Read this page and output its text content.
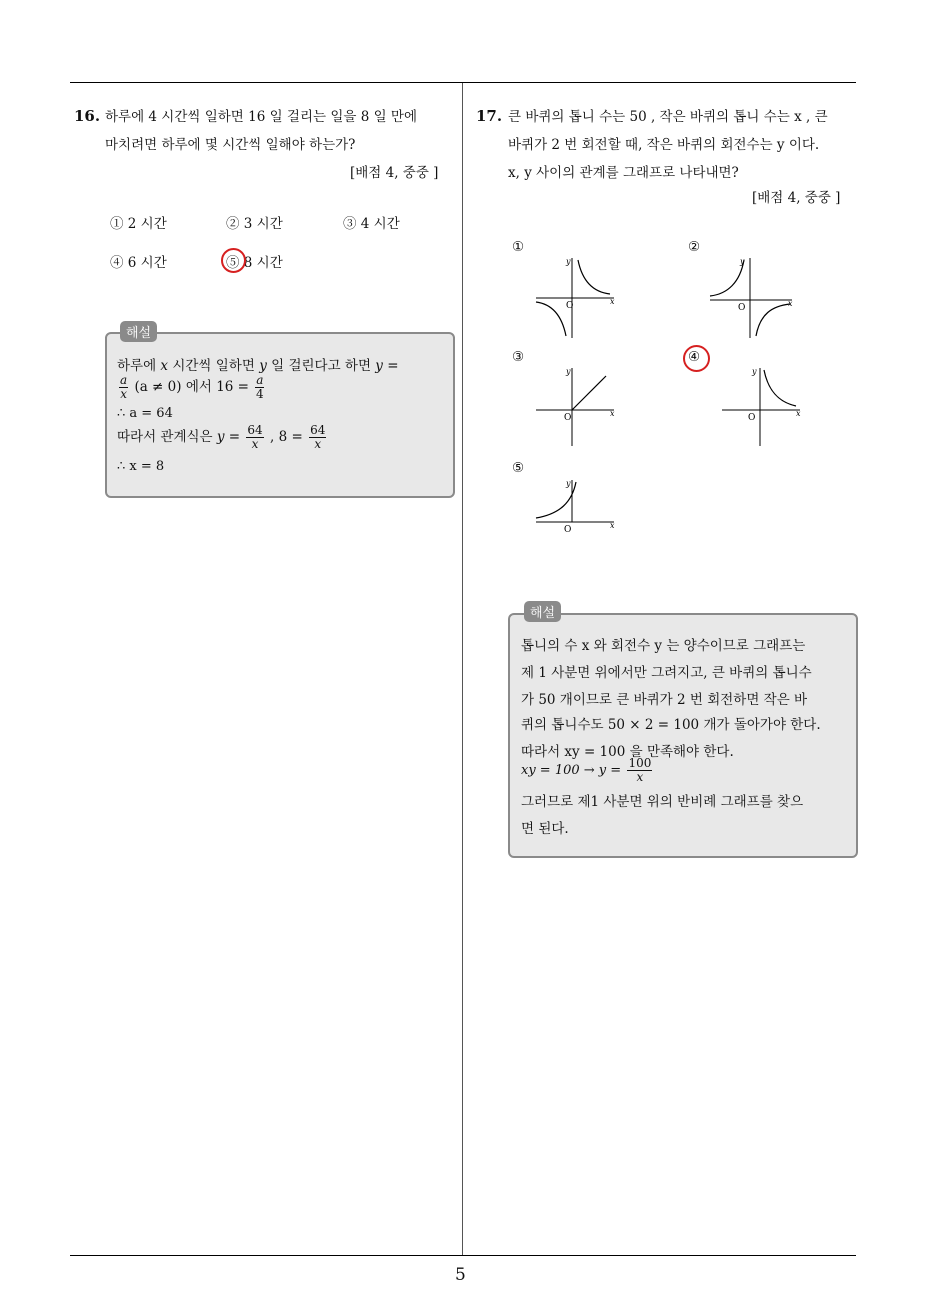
5
16. 하루에 4 시간씩 일하면 16 일 걸리는 일을 8 일 만에
마치려면 하루에 몇 시간씩 일해야 하는가?
[배점 4, 중중 ]
① 2 시간	② 3 시간	③ 4 시간
④ 6 시간	⑤ 8 시간
해설
하루에 x 시간씩 일하면 y 일 걸린다고 하면 y =
$\frac{a}{x} (a \ne 0)$ 에서 $16 = \frac{a}{4}$
∴ a = 64
따라서 관계식은 $y = \frac{64}{x}$ , $8 = \frac{64}{x}$
∴ x = 8
17. 큰 바퀴의 톱니 수는 50 , 작은 바퀴의 톱니 수는 x , 큰
바퀴가 2 번 회전할 때, 작은 바퀴의 회전수는 y 이다.
x, y 사이의 관계를 그래프로 나타내면?
[배점 4, 중중 ]
①	②
③	④
⑤
O	x
y
O	x
y
O	x
y
O	x
y
O	x
y
해설
톱니의 수 x 와 회전수 y 는 양수이므로 그래프는
제 1 사분면 위에서만 그려지고, 큰 바퀴의 톱니수
가 50 개이므로 큰 바퀴가 2 번 회전하면 작은 바
퀴의 톱니수도 50 × 2 = 100 개가 돌아가야 한다.
따라서 xy = 100 을 만족해야 한다.
xy = $100 \to y = \frac{100}{x}$
그러므로 제1 사분면 위의 반비례 그래프를 찾으
면 된다.
